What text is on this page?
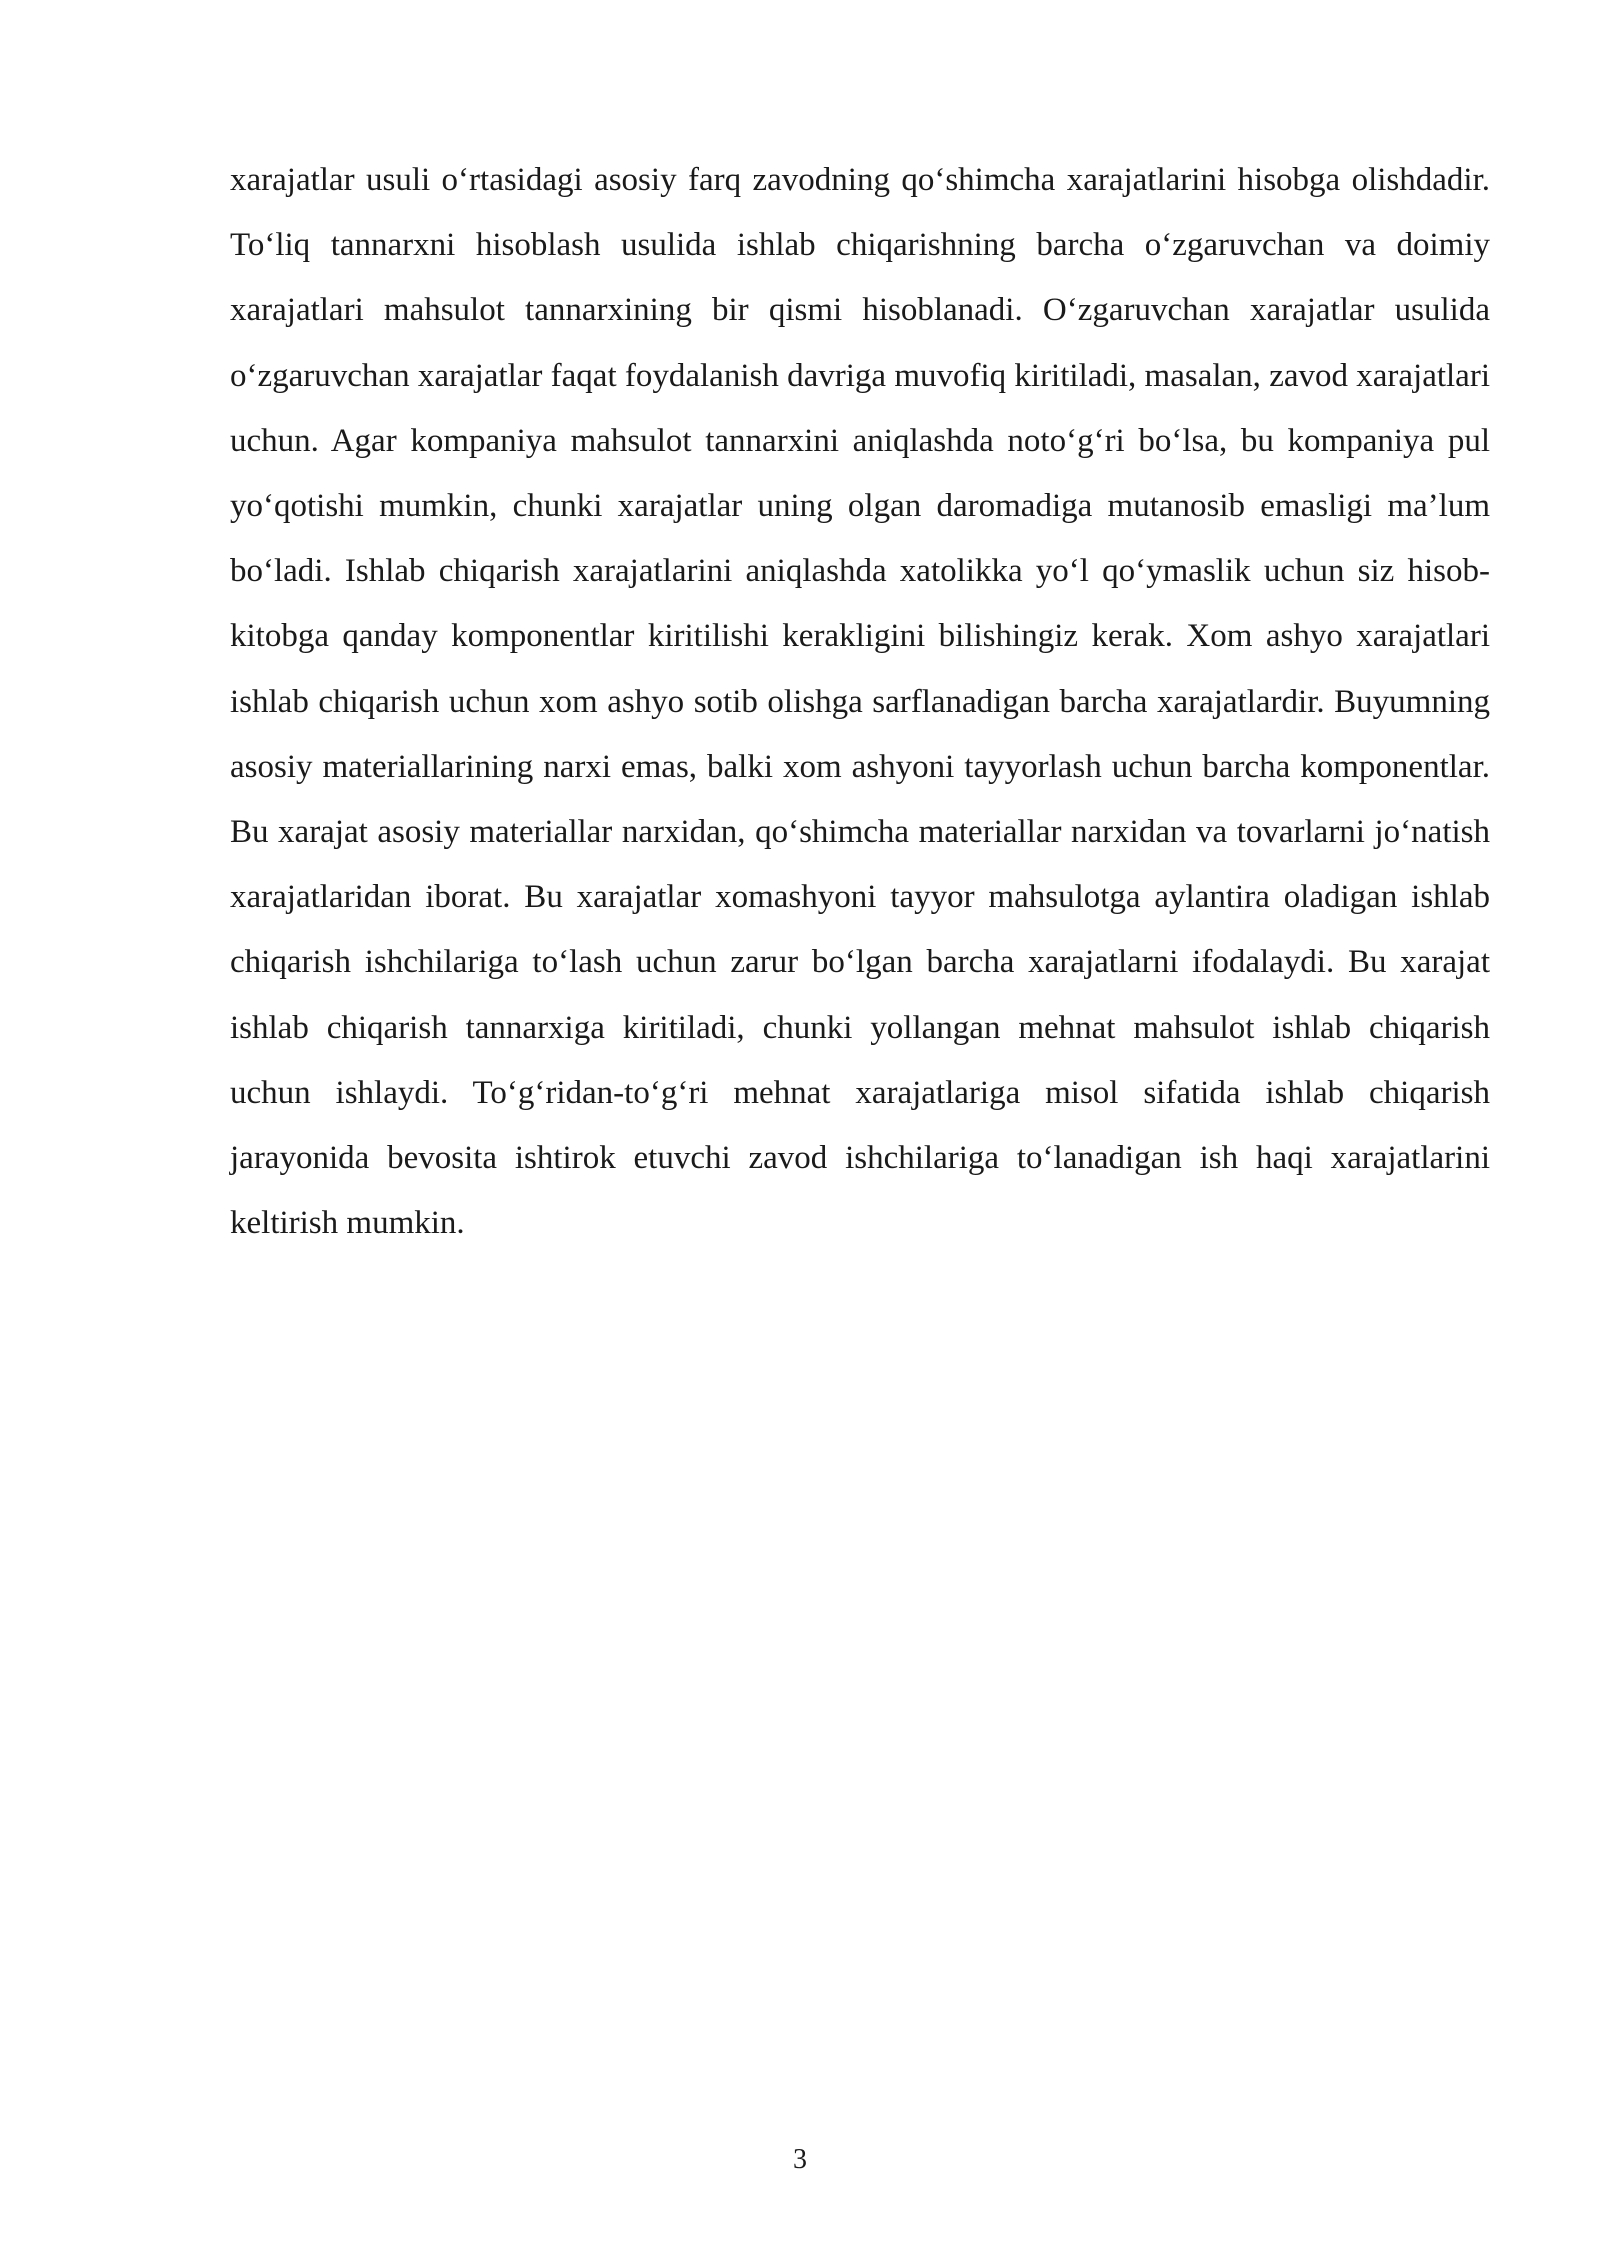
xarajatlar usuli o‘rtasidagi asosiy farq zavodning qo‘shimcha xarajatlarini hisobga olishdadir. To‘liq tannarxni hisoblash usulida ishlab chiqarishning barcha o‘zgaruvchan va doimiy xarajatlari mahsulot tannarxining bir qismi hisoblanadi. O‘zgaruvchan xarajatlar usulida o‘zgaruvchan xarajatlar faqat foydalanish davriga muvofiq kiritiladi, masalan, zavod xarajatlari uchun. Agar kompaniya mahsulot tannarxini aniqlashda noto‘g‘ri bo‘lsa, bu kompaniya pul yo‘qotishi mumkin, chunki xarajatlar uning olgan daromadiga mutanosib emasligi ma’lum bo‘ladi. Ishlab chiqarish xarajatlarini aniqlashda xatolikka yo‘l qo‘ymaslik uchun siz hisob-kitobga qanday komponentlar kiritilishi kerakligini bilishingiz kerak. Xom ashyo xarajatlari ishlab chiqarish uchun xom ashyo sotib olishga sarflanadigan barcha xarajatlardir. Buyumning asosiy materiallarining narxi emas, balki xom ashyoni tayyorlash uchun barcha komponentlar. Bu xarajat asosiy materiallar narxidan, qo‘shimcha materiallar narxidan va tovarlarni jo‘natish xarajatlaridan iborat. Bu xarajatlar xomashyoni tayyor mahsulotga aylantira oladigan ishlab chiqarish ishchilariga to‘lash uchun zarur bo‘lgan barcha xarajatlarni ifodalaydi. Bu xarajat ishlab chiqarish tannarxiga kiritiladi, chunki yollangan mehnat mahsulot ishlab chiqarish uchun ishlaydi. To‘g‘ridan-to‘g‘ri mehnat xarajatlariga misol sifatida ishlab chiqarish jarayonida bevosita ishtirok etuvchi zavod ishchilariga to‘lanadigan ish haqi xarajatlarini keltirish mumkin.

3
